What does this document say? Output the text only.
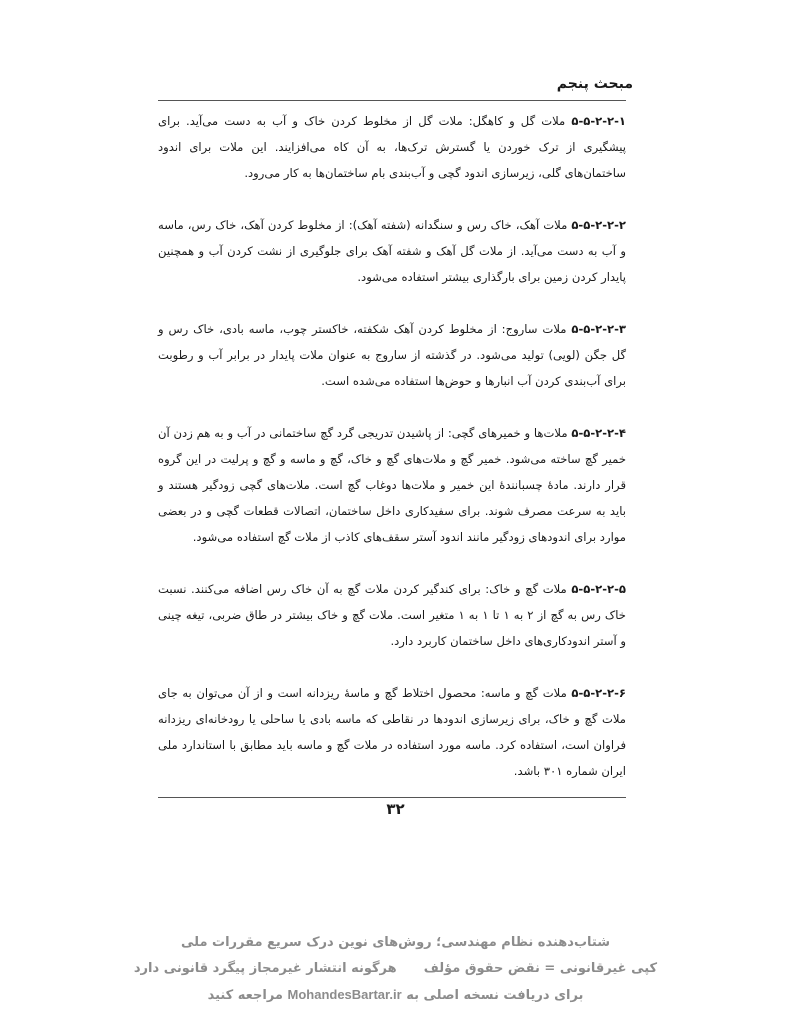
مبحث پنجم

۵-۵-۲-۲-۱ ملات گل و کاهگل: ملات گل از مخلوط کردن خاک و آب به دست می‌آید. برای پیشگیری از ترک خوردن یا گسترش ترک‌ها، به آن کاه می‌افزایند. این ملات برای اندود ساختمان‌های گلی، زیرسازی اندود گچی و آب‌بندی بام ساختمان‌ها به کار می‌رود.

۵-۵-۲-۲-۲ ملات آهک، خاک رس و سنگدانه (شفته آهک): از مخلوط کردن آهک، خاک رس، ماسه و آب به دست می‌آید. از ملات گل آهک و شفته آهک برای جلوگیری از نشت کردن آب و همچنین پایدار کردن زمین برای بارگذاری بیشتر استفاده می‌شود.

۵-۵-۲-۲-۳ ملات ساروج: از مخلوط کردن آهک شکفته، خاکستر چوب، ماسه بادی، خاک رس و گل جگن (لویی) تولید می‌شود. در گذشته از ساروج به عنوان ملات پایدار در برابر آب و رطوبت برای آب‌بندی کردن آب انبارها و حوض‌ها استفاده می‌شده است.

۵-۵-۲-۲-۴ ملات‌ها و خمیرهای گچی: از پاشیدن تدریجی گرد گچ ساختمانی در آب و به هم زدن آن خمیر گچ ساخته می‌شود. خمیر گچ و ملات‌های گچ و خاک، گچ و ماسه و گچ و پرلیت در این گروه قرار دارند. مادهٔ چسبانندهٔ این خمیر و ملات‌ها دوغاب گچ است. ملات‌های گچی زودگیر هستند و باید به سرعت مصرف شوند. برای سفیدکاری داخل ساختمان، اتصالات قطعات گچی و در بعضی موارد برای اندودهای زودگیر مانند اندود آستر سقف‌های کاذب از ملات گچ استفاده می‌شود.

۵-۵-۲-۲-۵ ملات گچ و خاک: برای کندگیر کردن ملات گچ به آن خاک رس اضافه می‌کنند. نسبت خاک رس به گچ از ۲ به ۱ تا ۱ به ۱ متغیر است. ملات گچ و خاک بیشتر در طاق ضربی، تیغه چینی و آستر اندودکاری‌های داخل ساختمان کاربرد دارد.

۵-۵-۲-۲-۶ ملات گچ و ماسه: محصول اختلاط گچ و ماسهٔ ریزدانه است و از آن می‌توان به جای ملات گچ و خاک، برای زیرسازی اندودها در نقاطی که ماسه بادی یا ساحلی یا رودخانه‌ای ریزدانه فراوان است، استفاده کرد. ماسه مورد استفاده در ملات گچ و ماسه باید مطابق با استاندارد ملی ایران شماره ۳۰۱ باشد.

۳۲
شتاب‌دهنده نظام مهندسی؛ روش‌های نوین درک سریع مقررات ملی
کپی غیرقانونی = نقض حقوق مؤلف      هرگونه انتشار غیرمجاز پیگرد قانونی دارد
برای دریافت نسخه اصلی به MohandesBartar.ir مراجعه کنید
